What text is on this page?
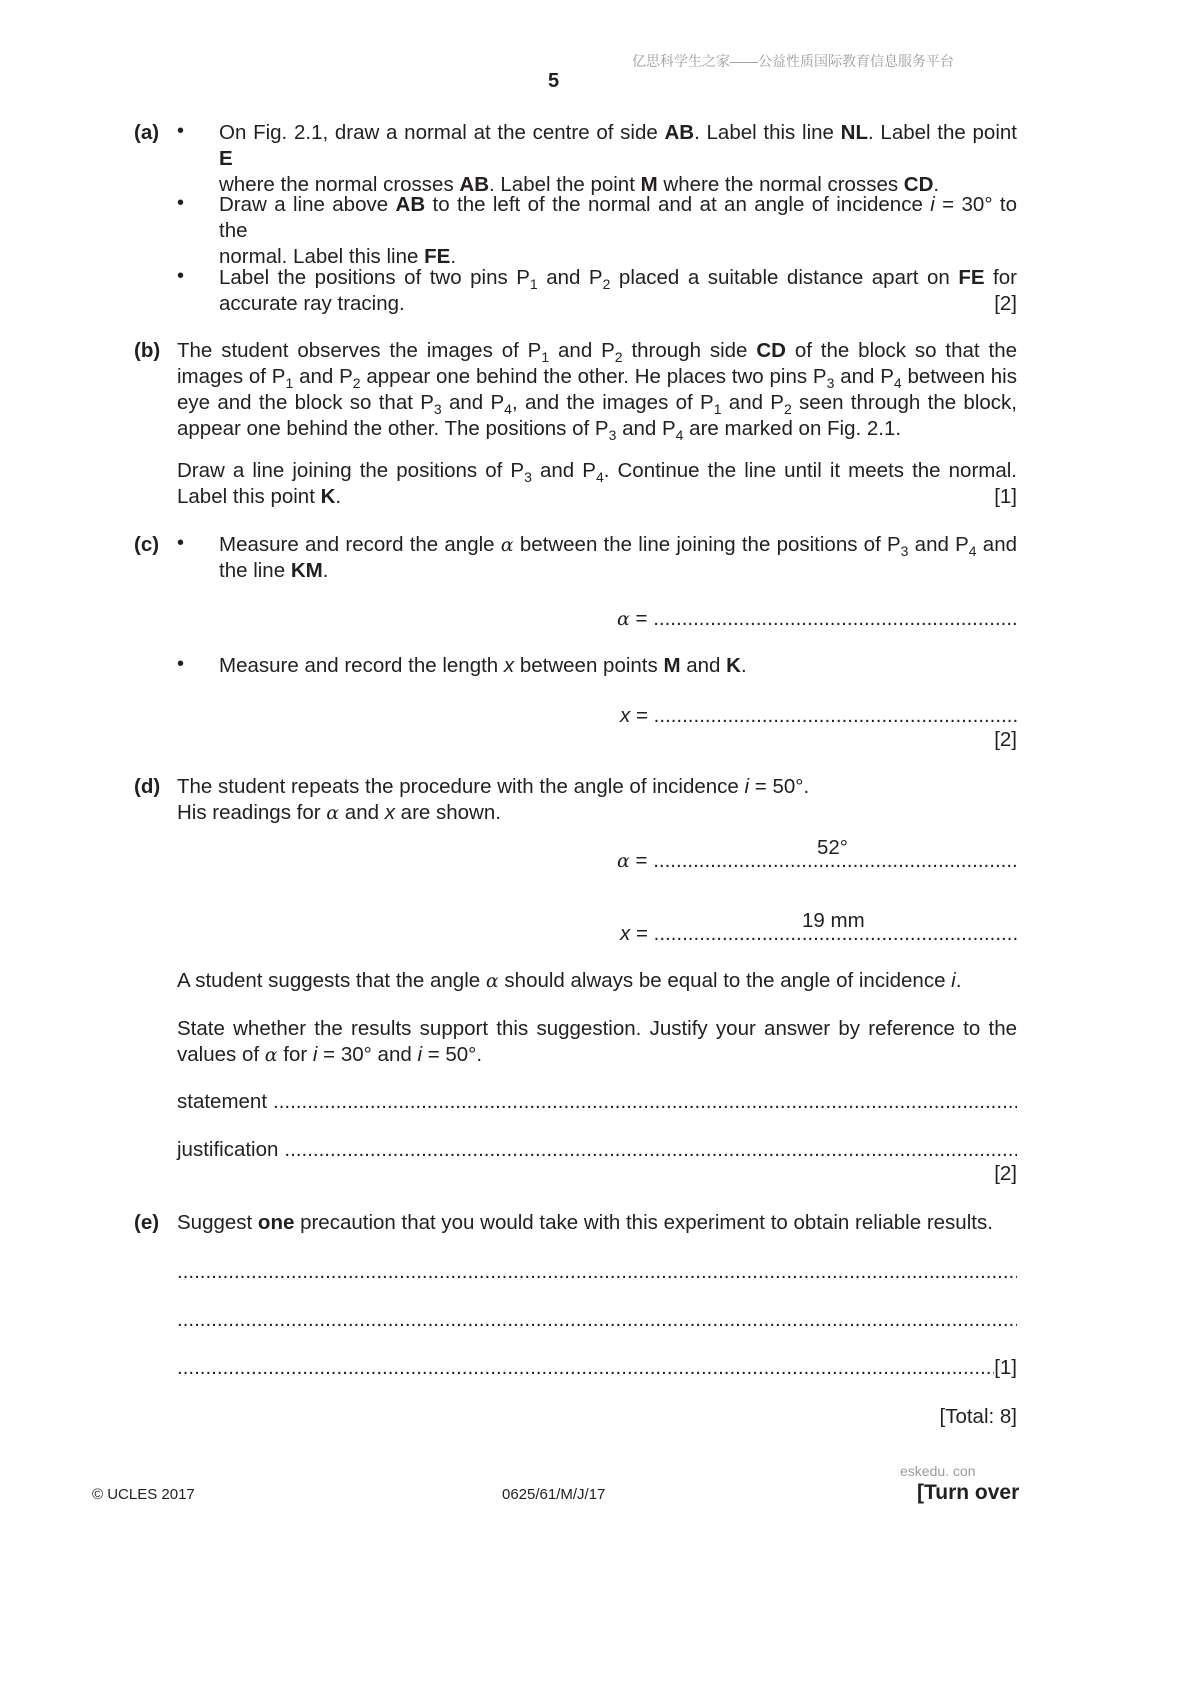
亿思科学生之家——公益性质国际教育信息服务平台
5
(a) • On Fig. 2.1, draw a normal at the centre of side AB. Label this line NL. Label the point E
where the normal crosses AB. Label the point M where the normal crosses CD.
• Draw a line above AB to the left of the normal and at an angle of incidence i = 30° to the
normal. Label this line FE.
• Label the positions of two pins $P_1$ and $P_2$ placed a suitable distance apart on FE for
accurate ray tracing.	[2]
(b) The student observes the images of $P_1$ and $P_2$ through side CD of the block so that the
images of $P_1$ and $P_2$ appear one behind the other. He places two pins $P_3$ and $P_4$ between his
eye and the block so that $P_3$ and $P_4$, and the images of $P_1$ and $P_2$ seen through the block,
appear one behind the other. The positions of $P_3$ and $P_4$ are marked on Fig. 2.1.
Draw a line joining the positions of $P_3$ and $P_4$. Continue the line until it meets the normal.
Label this point K.	[1]
(c) • Measure and record the angle α between the line joining the positions of $P_3$ and $P_4$ and
the line KM.
α =
.....
• Measure and record the length x between points M and K.
x =
.....
[2]
(d) The student repeats the procedure with the angle of incidence i = 50°.
His readings for α and x are shown.
52°
α =
.....
19 mm
x =
.....
A student suggests that the angle α should always be equal to the angle of incidence i.
State whether the results support this suggestion. Justify your answer by reference to the
values of α for i = 30° and i = 50°.
statement
.....
justification
.....
[2]
(e) Suggest one precaution that you would take with this experiment to obtain reliable results.
.....
.....
.....
[1]
[Total: 8]
eskedu. con
© UCLES 2017	0625/61/M/J/17	[Turn over
